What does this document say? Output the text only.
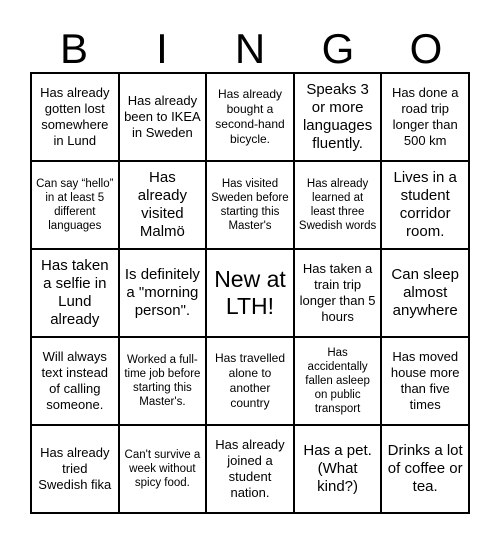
B	I	N	G	O
Has already gotten lost somewhere in Lund
Has already been to IKEA in Sweden
Has already bought a second-hand bicycle.
Speaks 3 or more languages fluently.
Has done a road trip longer than 500 km
Can say “hello” in at least 5 different languages
Has already visited Malmö
Has visited Sweden before starting this Master's
Has already learned at least three Swedish words
Lives in a student corridor room.
Has taken a selfie in Lund already
Is definitely a "morning person".
New at LTH!
Has taken a train trip longer than 5 hours
Can sleep almost anywhere
Will always text instead of calling someone.
Worked a full-time job before starting this Master's.
Has travelled alone to another country
Has accidentally fallen asleep on public transport
Has moved house more than five times
Has already tried Swedish fika
Can't survive a week without spicy food.
Has already joined a student nation.
Has a pet. (What kind?)
Drinks a lot of coffee or tea.
